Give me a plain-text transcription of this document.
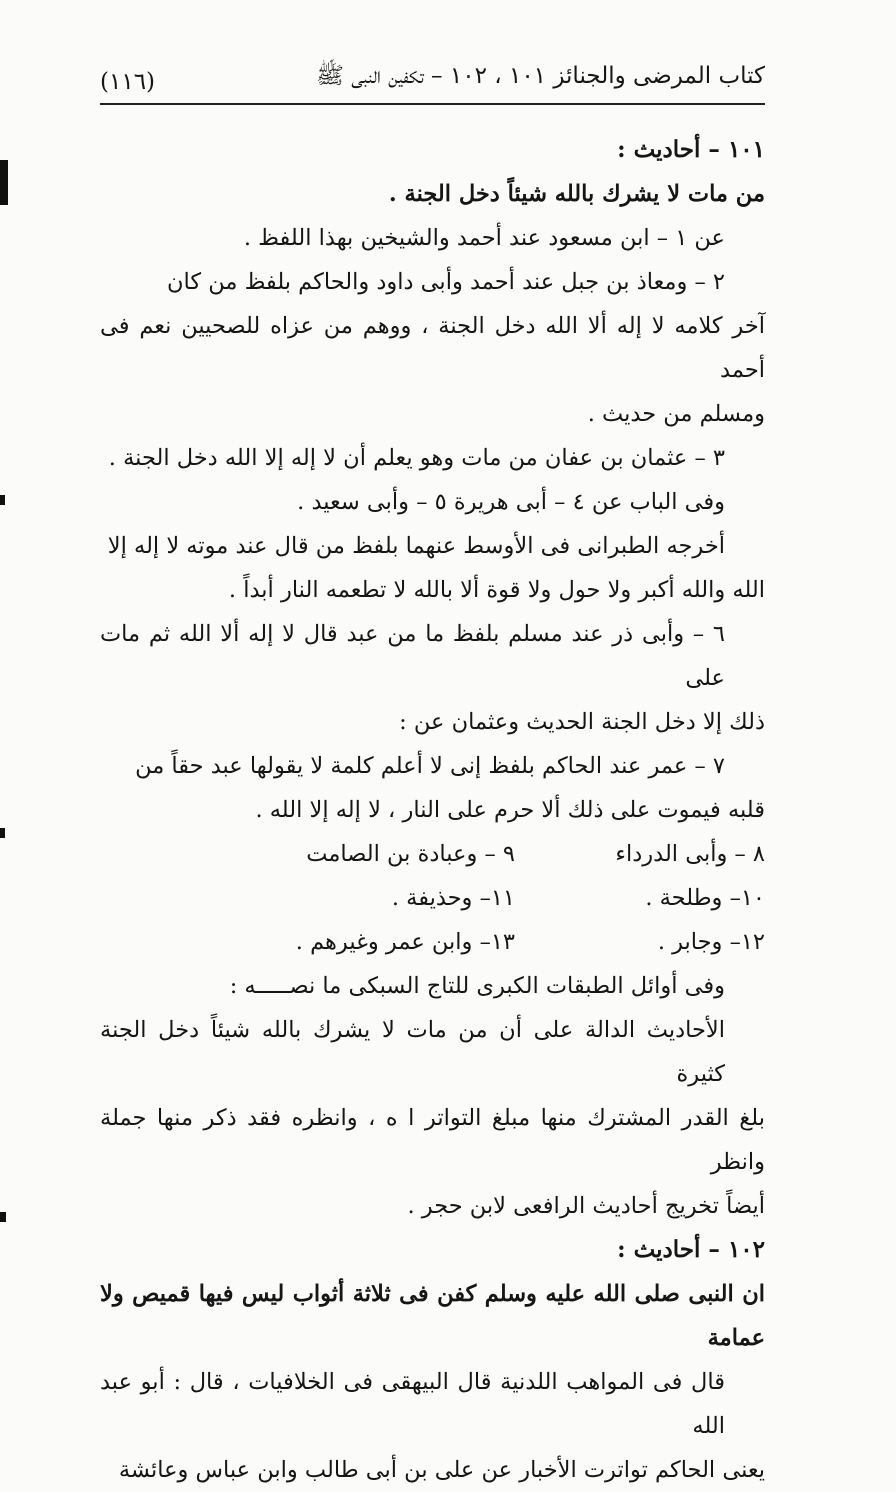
كتاب المرضى والجنائز ١٠١ ، ١٠٢ – تكفين النبى ﷺ
(١١٦)

١٠١ – أحاديث :

من مات لا يشرك بالله شيئاً دخل الجنة .

عن ١ – ابن مسعود عند أحمد والشيخين بهذا اللفظ .

٢ – ومعاذ بن جبل عند أحمد وأبى داود والحاكم بلفظ من كان

آخر كلامه لا إله ألا الله دخل الجنة ، ووهم من عزاه للصحيين نعم فى أحمد

ومسلم من حديث .

٣ – عثمان بن عفان من مات وهو يعلم أن لا إله إلا الله دخل الجنة .

وفى الباب عن ٤ – أبى هريرة ٥ – وأبى سعيد .

أخرجه الطبرانى فى الأوسط عنهما بلفظ من قال عند موته لا إله إلا

الله والله أكبر ولا حول ولا قوة ألا بالله لا تطعمه النار أبداً .

٦ – وأبى ذر عند مسلم بلفظ ما من عبد قال لا إله ألا الله ثم مات على

ذلك إلا دخل الجنة الحديث وعثمان عن :

٧ – عمر عند الحاكم بلفظ إنى لا أعلم كلمة لا يقولها عبد حقاً من

قلبه فيموت على ذلك ألا حرم على النار ، لا إله إلا الله .

٨ – وأبى الدرداء
٩ – وعبادة بن الصامت
١٠– وطلحة .
١١– وحذيفة .
١٢– وجابر .
١٣– وابن عمر وغيرهم .

وفى أوائل الطبقات الكبرى للتاج السبكى ما نصـــــه :

الأحاديث الدالة على أن من مات لا يشرك بالله شيئاً دخل الجنة كثيرة

بلغ القدر المشترك منها مبلغ التواتر ا ه ، وانظره فقد ذكر منها جملة وانظر

أيضاً تخريج أحاديث الرافعى لابن حجر .

١٠٢ – أحاديث :

ان النبى صلى الله عليه وسلم كفن فى ثلاثة أثواب ليس فيها قميص ولا عمامة

قال فى المواهب اللدنية قال البيهقى فى الخلافيات ، قال : أبو عبد الله

يعنى الحاكم تواترت الأخبار عن على بن أبى طالب وابن عباس وعائشة
